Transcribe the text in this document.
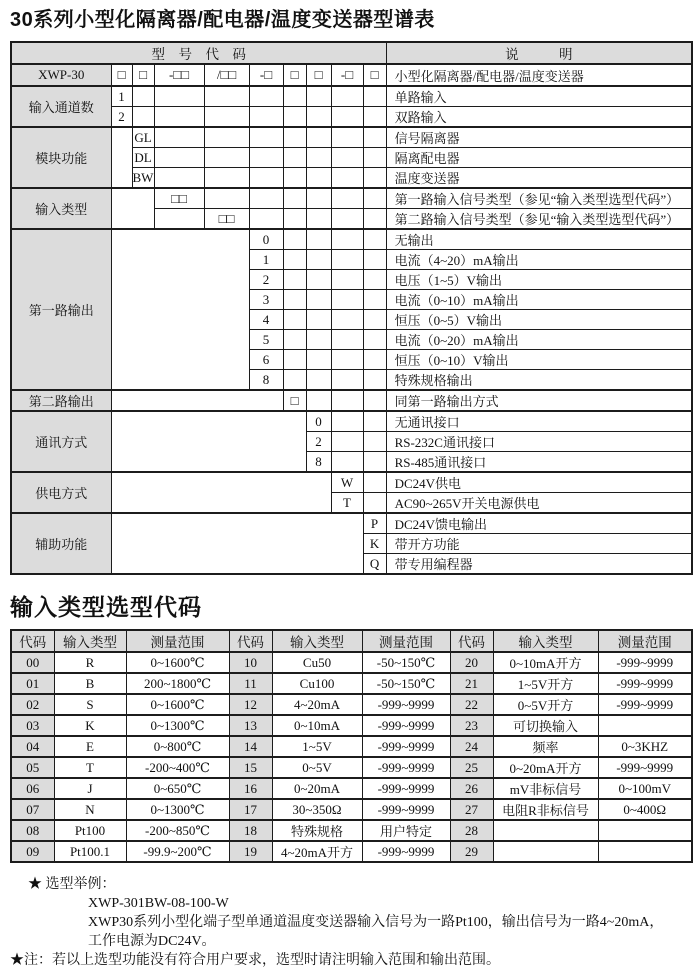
30系列小型化隔离器/配电器/温度变送器型谱表
型　号　代　码										说　　　明
XWP-30	□	□	-□□	/□□	-□	□	□	-□	□	小型化隔离器/配电器/温度变送器
输入通道数	1									单路输入
	2									双路输入
模块功能		GL								信号隔离器
		DL								隔离配电器
		BW								温度变送器
输入类型			□□							第一路输入信号类型（参见“输入类型选型代码”）
				□□						第二路输入信号类型（参见“输入类型选型代码”）
第一路输出					0					无输出
					1					电流（4~20）mA输出
					2					电压（1~5）V输出
					3					电流（0~10）mA输出
					4					恒压（0~5）V输出
					5					电流（0~20）mA输出
					6					恒压（0~10）V输出
					8					特殊规格输出
第二路输出						□				同第一路输出方式
通讯方式							0			无通讯接口
							2			RS-232C通讯接口
							8			RS-485通讯接口
供电方式								W		DC24V供电
								T		AC90~265V开关电源供电
辅助功能									P	DC24V馈电输出
									K	带开方功能
									Q	带专用编程器
输入类型选型代码
代码	输入类型	测量范围	代码	输入类型	测量范围	代码	输入类型	测量范围
00	R	0~1600℃	10	Cu50	-50~150℃	20	0~10mA开方	-999~9999
01	B	200~1800℃	11	Cu100	-50~150℃	21	1~5V开方	-999~9999
02	S	0~1600℃	12	4~20mA	-999~9999	22	0~5V开方	-999~9999
03	K	0~1300℃	13	0~10mA	-999~9999	23	可切换输入	
04	E	0~800℃	14	1~5V	-999~9999	24	频率	0~3KHZ
05	T	-200~400℃	15	0~5V	-999~9999	25	0~20mA开方	-999~9999
06	J	0~650℃	16	0~20mA	-999~9999	26	mV非标信号	0~100mV
07	N	0~1300℃	17	30~350Ω	-999~9999	27	电阻R非标信号	0~400Ω
08	Pt100	-200~850℃	18	特殊规格	用户特定	28		
09	Pt100.1	-99.9~200℃	19	4~20mA开方	-999~9999	29		
★ 选型举例：
XWP-301BW-08-100-W
XWP30系列小型化端子型单通道温度变送器输入信号为一路Pt100，输出信号为一路4~20mA，
工作电源为DC24V。
★注：若以上选型功能没有符合用户要求，选型时请注明输入范围和输出范围。
